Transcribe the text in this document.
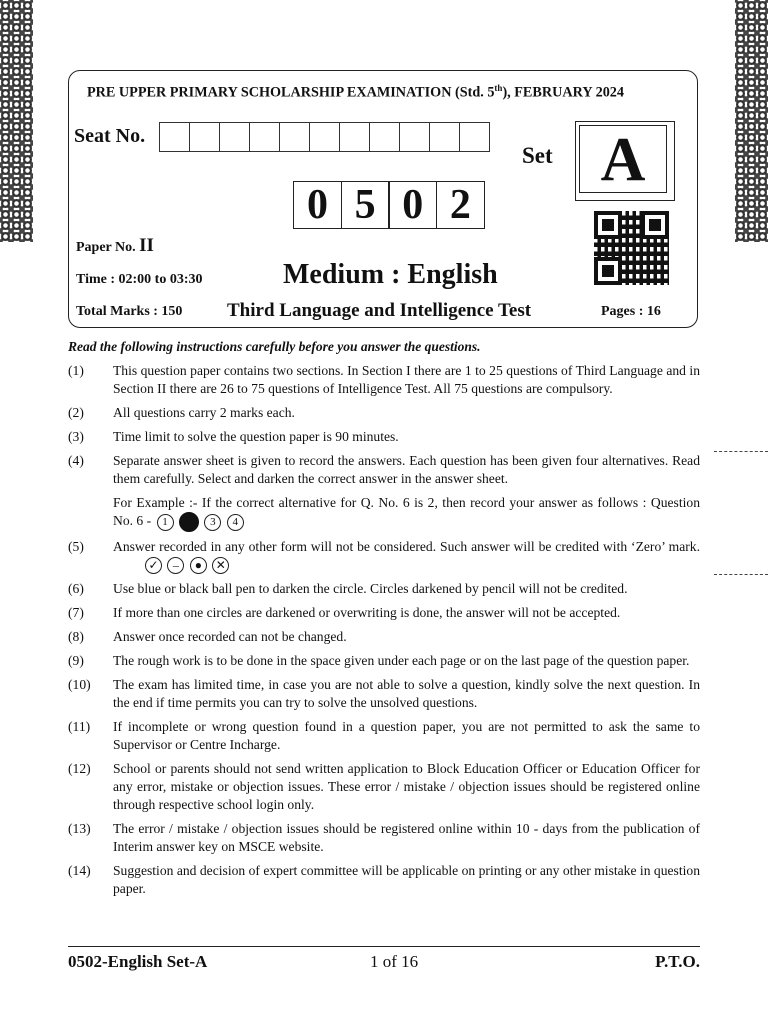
PRE UPPER PRIMARY SCHOLARSHIP EXAMINATION (Std. 5th), FEBRUARY 2024
Seat No.
Set A
0 5 0 2
Paper No. II
Time : 02:00 to 03:30	Medium : English
Total Marks : 150 Third Language and Intelligence Test	Pages : 16
Read the following instructions carefully before you answer the questions.
(1)	This question paper contains two sections. In Section I there are 1 to 25 questions of Third Language and in Section II there are 26 to 75 questions of Intelligence Test. All 75 questions are compulsory.
(2)	All questions carry 2 marks each.
(3)	Time limit to solve the question paper is 90 minutes.
(4)	Separate answer sheet is given to record the answers. Each question has been given four alternatives. Read them carefully. Select and darken the correct answer in the answer sheet.
For Example :- If the correct alternative for Q. No. 6 is 2, then record your answer as follows : Question No. 6 - 1	3 4
(5)	Answer recorded in any other form will not be considered. Such answer will be credited with ‘Zero’ mark. ✓ – ● ✕
(6)	Use blue or black ball pen to darken the circle. Circles darkened by pencil will not be credited.
(7)	If more than one circles are darkened or overwriting is done, the answer will not be accepted.
(8)	Answer once recorded can not be changed.
(9)	The rough work is to be done in the space given under each page or on the last page of the question paper.
(10)	The exam has limited time, in case you are not able to solve a question, kindly solve the next question. In the end if time permits you can try to solve the unsolved questions.
(11)	If incomplete or wrong question found in a question paper, you are not permitted to ask the same to Supervisor or Centre Incharge.
(12)	School or parents should not send written application to Block Education Officer or Education Officer for any error, mistake or objection issues. These error / mistake / objection issues should be registered online through respective school login only.
(13)	The error / mistake / objection issues should be registered online within 10 - days from the publication of Interim answer key on MSCE website.
(14)	Suggestion and decision of expert committee will be applicable on printing or any other mistake in question paper.
0502-English Set-A	1 of 16	P.T.O.
